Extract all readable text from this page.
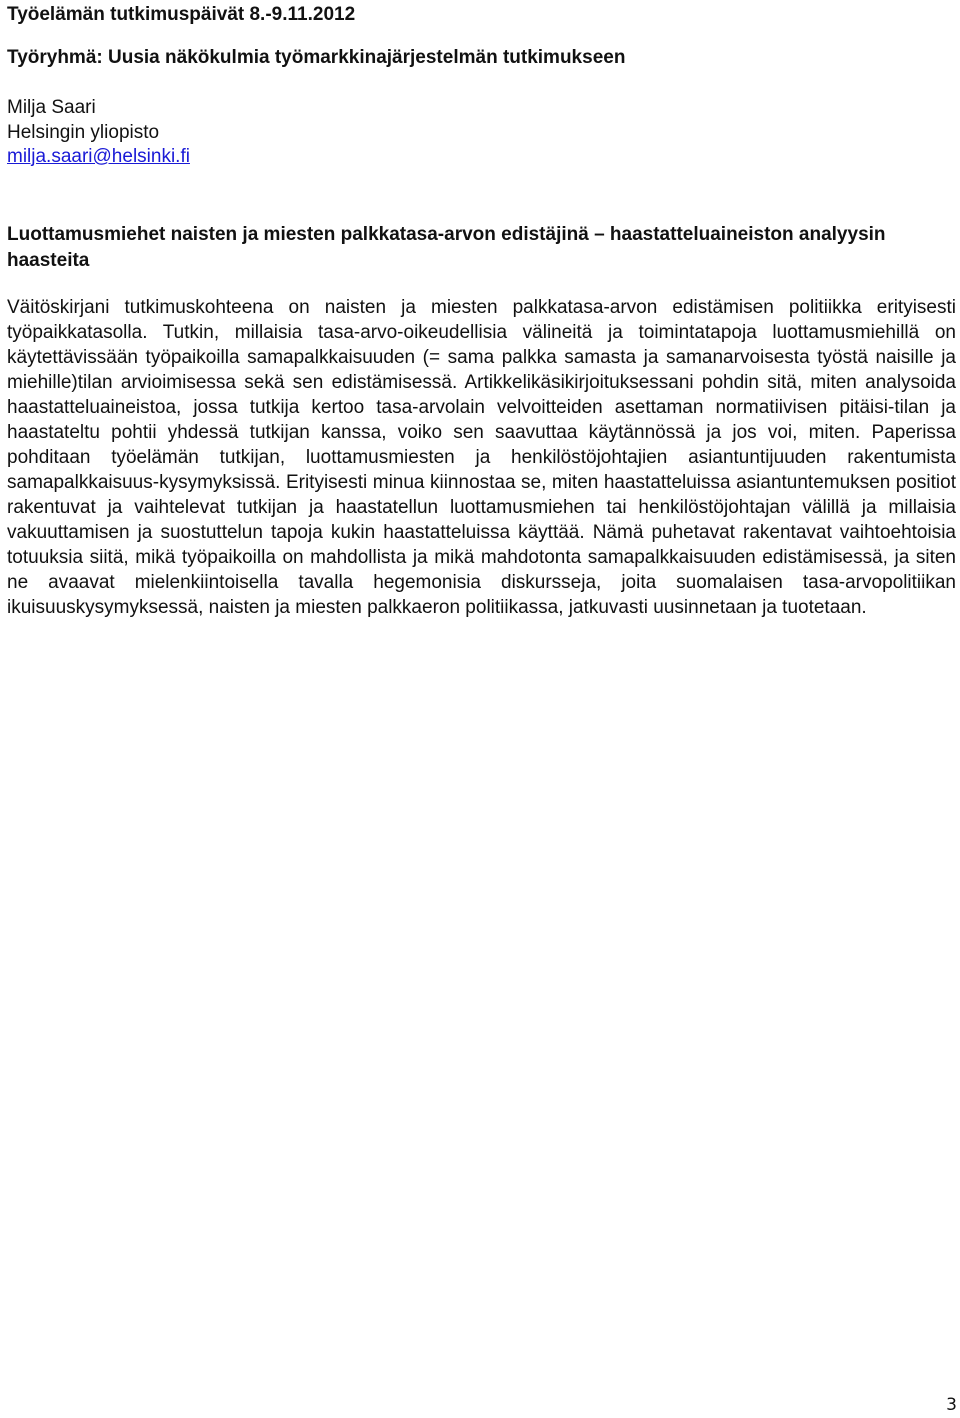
Työelämän tutkimuspäivät 8.-9.11.2012
Työryhmä: Uusia näkökulmia työmarkkinajärjestelmän tutkimukseen
Milja Saari
Helsingin yliopisto
milja.saari@helsinki.fi
Luottamusmiehet naisten ja miesten palkkatasa-arvon edistäjinä – haastatteluaineiston analyysin haasteita
Väitöskirjani tutkimuskohteena on naisten ja miesten palkkatasa-arvon edistämisen politiikka erityisesti työpaikkatasolla. Tutkin, millaisia tasa-arvo-oikeudellisia välineitä ja toimintatapoja luottamusmiehillä on käytettävissään työpaikoilla samapalkkaisuuden (= sama palkka samasta ja samanarvoisesta työstä naisille ja miehille)tilan arvioimisessa sekä sen edistämisessä. Artikkelikäsikirjoituksessani pohdin sitä, miten analysoida haastatteluaineistoa, jossa tutkija kertoo tasa-arvolain velvoitteiden asettaman normatiivisen pitäisi-tilan ja haastateltu pohtii yhdessä tutkijan kanssa, voiko sen saavuttaa käytännössä ja jos voi, miten. Paperissa pohditaan työelämän tutkijan, luottamusmiesten ja henkilöstöjohtajien asiantuntijuuden rakentumista samapalkkaisuus-kysymyksissä. Erityisesti minua kiinnostaa se, miten haastatteluissa asiantuntemuksen positiot rakentuvat ja vaihtelevat tutkijan ja haastatellun luottamusmiehen tai henkilöstöjohtajan välillä ja millaisia vakuuttamisen ja suostuttelun tapoja kukin haastatteluissa käyttää. Nämä puhetavat rakentavat vaihtoehtoisia totuuksia siitä, mikä työpaikoilla on mahdollista ja mikä mahdotonta samapalkkaisuuden edistämisessä, ja siten ne avaavat mielenkiintoisella tavalla hegemonisia diskursseja, joita suomalaisen tasa-arvopolitiikan ikuisuuskysymyksessä, naisten ja miesten palkkaeron politiikassa, jatkuvasti uusinnetaan ja tuotetaan.
3
